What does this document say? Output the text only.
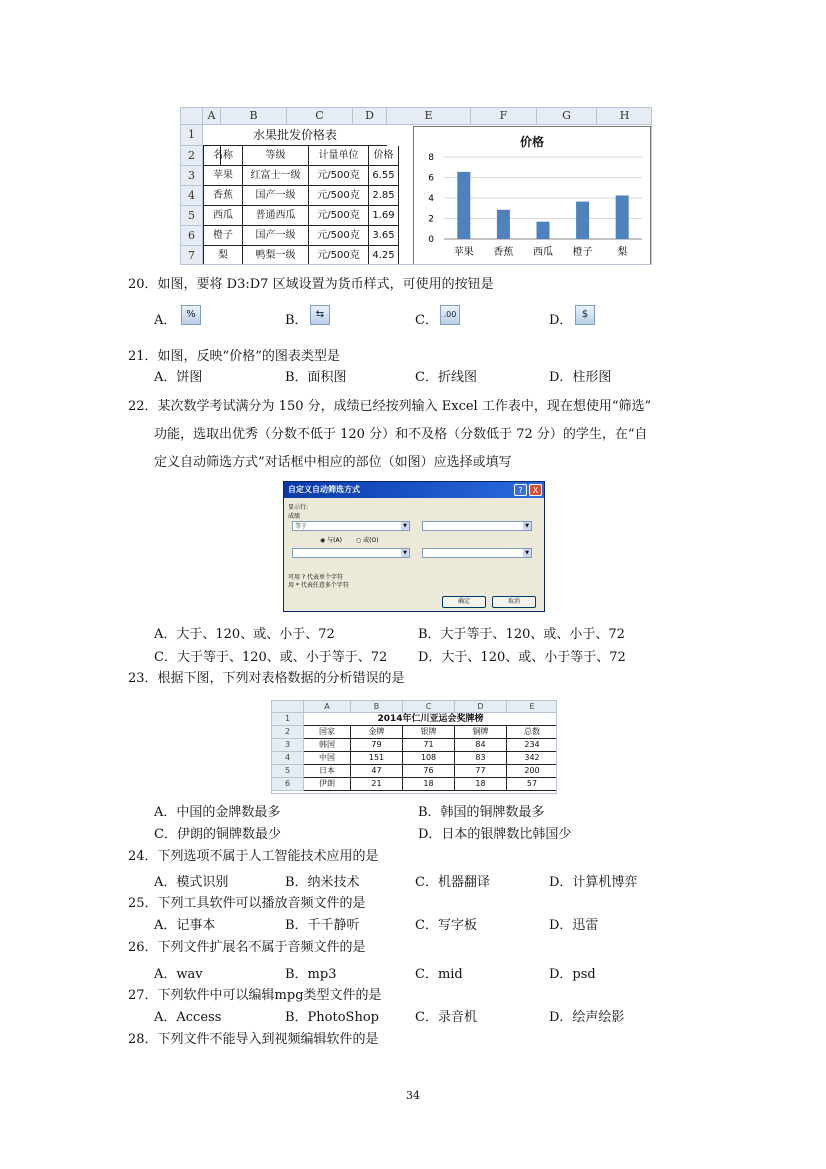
A	B	C	D	E	F	G	H
1
2
3
4
5
6
7
水果批发价格表
名称	等级	计量单位	价格
苹果	红富士一级	元/500克	6.55
香蕉	国产一级	元/500克	2.85
西瓜	普通西瓜	元/500克	1.69
橙子	国产一级	元/500克	3.65
梨	鸭梨一级	元/500克	4.25
价格
0
2
4
6
8
苹果 香蕉 西瓜 橙子 梨
20．如图，要将 D3:D7 区域设置为货币样式，可使用的按钮是
A． %	B． ⇆	C． .00	D． $
21．如图，反映“价格”的图表类型是
A．饼图	B．面积图	C．折线图	D．柱形图
22．某次数学考试满分为 150 分，成绩已经按列输入 Excel 工作表中，现在想使用“筛选”
功能，选取出优秀（分数不低于 120 分）和不及格（分数低于 72 分）的学生，在“自
定义自动筛选方式”对话框中相应的部位（如图）应选择或填写
自定义自动筛选方式	?	X
显示行:
成绩
等于	▼	▼
◉ 与(A) ○ 或(O)
▼	▼
可用 ? 代表单个字符
用 * 代表任意多个字符
确定	取消
A．大于、120、或、小于、72	B．大于等于、120、或、小于、72
C．大于等于、120、或、小于等于、72 D．大于、120、或、小于等于、72
23．根据下图，下列对表格数据的分析错误的是
A	B	C	D	E
1
2
3
4
5
6
2014年仁川亚运会奖牌榜
国家	金牌	银牌	铜牌	总数
韩国	79	71	84	234
中国	151	108	83	342
日本	47	76	77	200
伊朗	21	18	18	57
A．中国的金牌数最多	B．韩国的铜牌数最多
C．伊朗的铜牌数最少	D．日本的银牌数比韩国少
24．下列选项不属于人工智能技术应用的是
A．模式识别	B．纳米技术	C．机器翻译	D．计算机博弈
25．下列工具软件可以播放音频文件的是
A．记事本	B．千千静听	C．写字板	D．迅雷
26．下列文件扩展名不属于音频文件的是
A．wav	B．mp3	C．mid	D．psd
27．下列软件中可以编辑mpg类型文件的是
A．Access	B．PhotoShop	C．录音机	D．绘声绘影
28．下列文件不能导入到视频编辑软件的是
34
